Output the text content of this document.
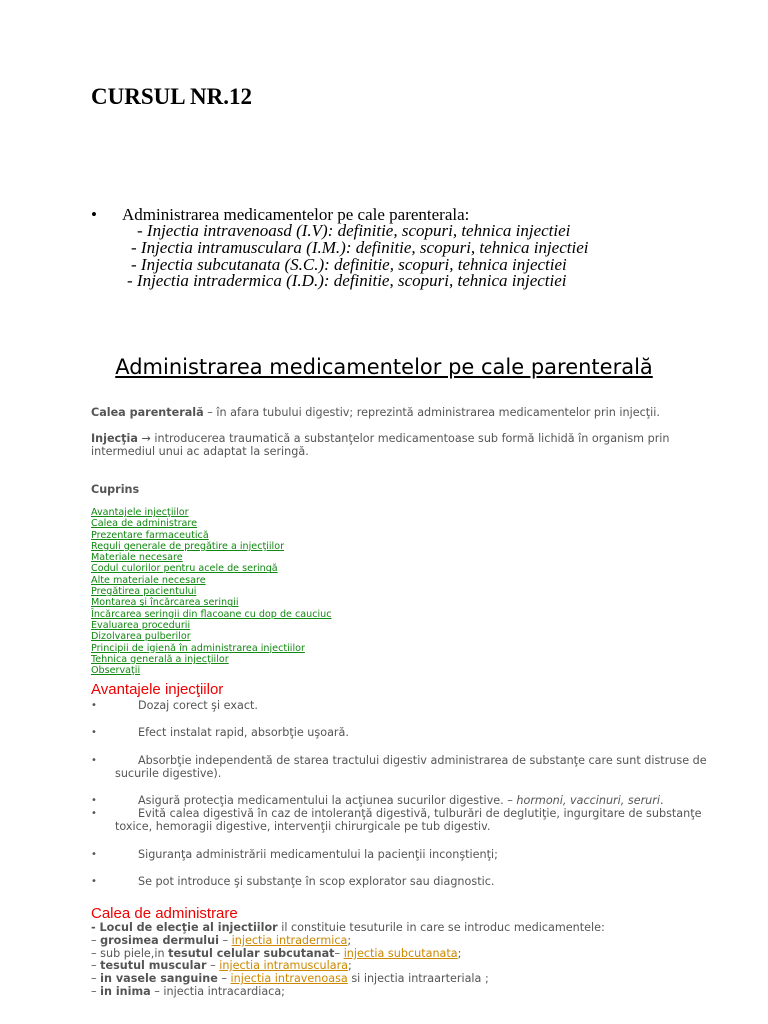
CURSUL NR.12
• Administrarea medicamentelor pe cale parenterala:
- Injectia intravenoasd (I.V): definitie, scopuri, tehnica injectiei
- Injectia intramusculara (I.M.): definitie, scopuri, tehnica injectiei
- Injectia subcutanata (S.C.): definitie, scopuri, tehnica injectiei
- Injectia intradermica (I.D.): definitie, scopuri, tehnica injectiei
Administrarea medicamentelor pe cale parenterală
Calea parenterală – în afara tubului digestiv; reprezintă administrarea medicamentelor prin injecţii.
Injecţia → introducerea traumatică a substanţelor medicamentoase sub formă lichidă în organism prin intermediul unui ac adaptat la seringă.
Cuprins
Avantajele injecţiilor
Calea de administrare
Prezentare farmaceutică
Reguli generale de pregătire a injecţiilor
Materiale necesare
Codul culorilor pentru acele de seringă
Alte materiale necesare
Pregătirea pacientului
Montarea şi încărcarea seringii
Încărcarea seringii din flacoane cu dop de cauciuc
Evaluarea procedurii
Dizolvarea pulberilor
Principii de igienă în administrarea injectiilor
Tehnica generală a injecţiilor
Observaţii
Avantajele injecţiilor
•	Dozaj corect şi exact.
•	Efect instalat rapid, absorbţie uşoară.
•	Absorbţie independentă de starea tractului digestiv administrarea de substanţe care sunt distruse de
sucurile digestive).
•	Asigură protecţia medicamentului la acţiunea sucurilor digestive. – hormoni, vaccinuri, seruri.
•	Evită calea digestivă în caz de intoleranţă digestivă, tulburări de deglutiţie, ingurgitare de substanţe
toxice, hemoragii digestive, intervenţii chirurgicale pe tub digestiv.
•	Siguranţa administrării medicamentului la pacienţii inconştienţi;
•	Se pot introduce şi substanţe în scop explorator sau diagnostic.
Calea de administrare
- Locul de elecţie al injectiilor il constituie tesuturile in care se introduc medicamentele:
– grosimea dermului – injectia intradermica;
– sub piele,in tesutul celular subcutanat– injectia subcutanata;
– tesutul muscular – injectia intramusculara;
– in vasele sanguine – injectia intravenoasa si injectia intraarteriala ;
– in inima – injectia intracardiaca;
